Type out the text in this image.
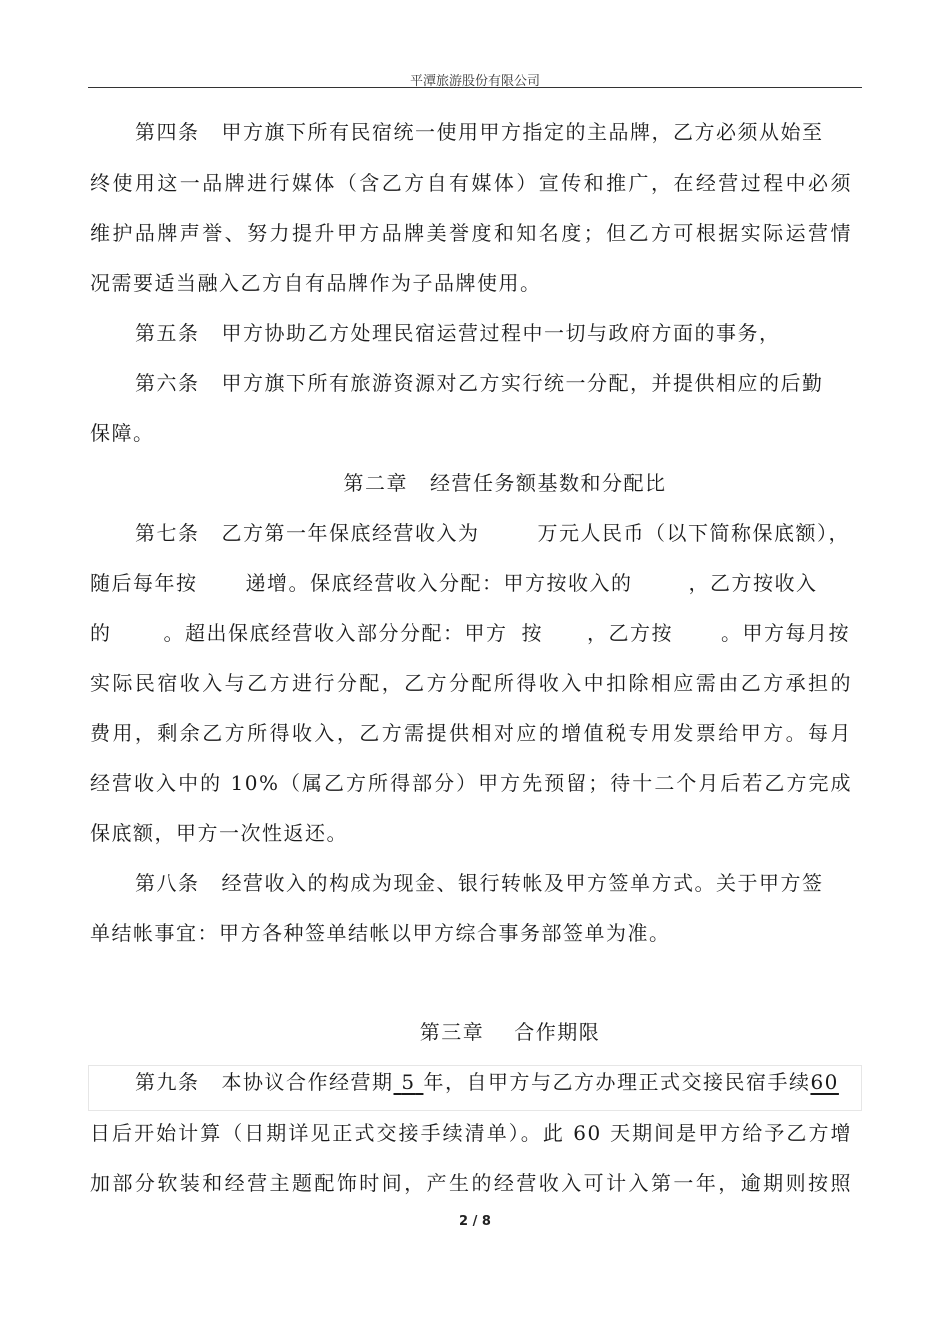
平潭旅游股份有限公司
第四条 甲方旗下所有民宿统一使用甲方指定的主品牌，乙方必须从始至
终使用这一品牌进行媒体（含乙方自有媒体）宣传和推广，在经营过程中必须
维护品牌声誉、努力提升甲方品牌美誉度和知名度；但乙方可根据实际运营情
况需要适当融入乙方自有品牌作为子品牌使用。
第五条 甲方协助乙方处理民宿运营过程中一切与政府方面的事务，
第六条 甲方旗下所有旅游资源对乙方实行统一分配，并提供相应的后勤
保障。
第二章 经营任务额基数和分配比
第七条 乙方第一年保底经营收入为	万元人民币（以下简称保底额），
随后每年按 递增。保底经营收入分配：甲方按收入的	，乙方按收入
的	。超出保底经营收入部分分配：甲方 按 ，乙方按 。甲方每月按
实际民宿收入与乙方进行分配，乙方分配所得收入中扣除相应需由乙方承担的
费用，剩余乙方所得收入，乙方需提供相对应的增值税专用发票给甲方。每月
经营收入中的 10%（属乙方所得部分）甲方先预留；待十二个月后若乙方完成
保底额，甲方一次性返还。
第八条 经营收入的构成为现金、银行转帐及甲方签单方式。关于甲方签
单结帐事宜：甲方各种签单结帐以甲方综合事务部签单为准。
第三章 合作期限
第九条 本协议合作经营期 5 年，自甲方与乙方办理正式交接民宿手续60
日后开始计算（日期详见正式交接手续清单）。此 60 天期间是甲方给予乙方增
加部分软装和经营主题配饰时间，产生的经营收入可计入第一年，逾期则按照
2 / 8
